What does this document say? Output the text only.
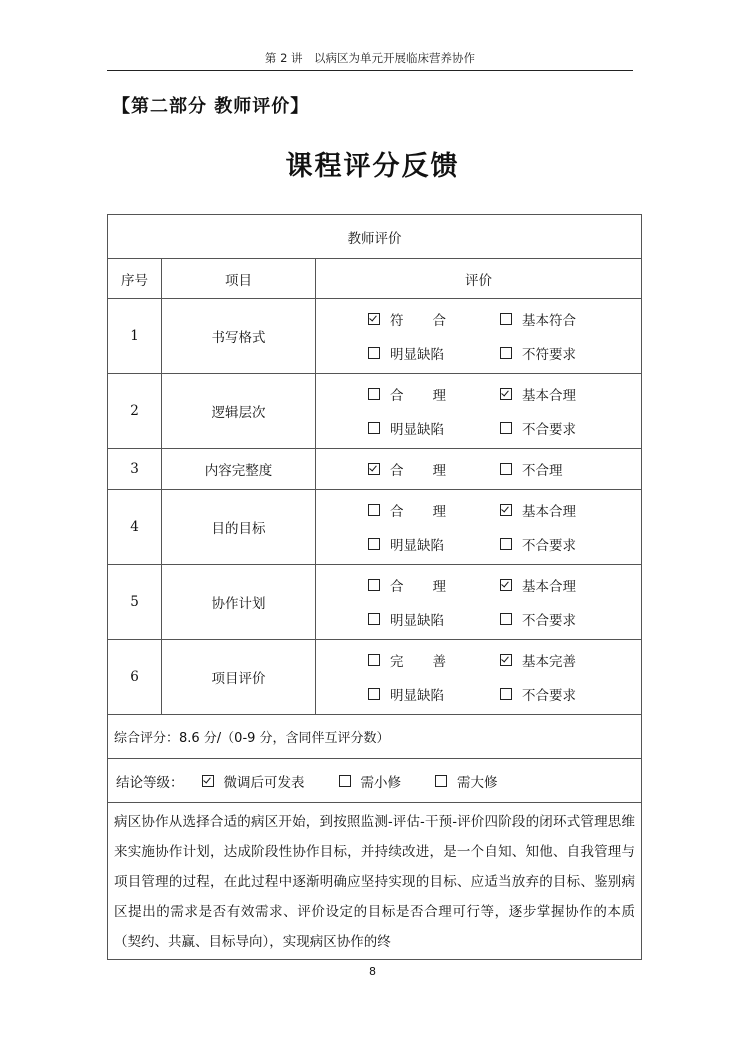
第 2 讲　以病区为单元开展临床营养协作
【第二部分 教师评价】
课程评分反馈
教师评价		
序号	项目	评价
1	书写格式	符 合 基本符合
明显缺陷 不符要求

2	逻辑层次	合 理 基本合理
明显缺陷 不合要求

3	内容完整度	合 理 不合理

4	目的目标	合 理 基本合理
明显缺陷 不合要求

5	协作计划	合 理 基本合理
明显缺陷 不合要求

6	项目评价	完 善 基本完善
明显缺陷 不合要求

综合评分：8.6 分/（0-9 分，含同伴互评分数）		

结论等级： 微调后可发表 需小修 需大修		

病区协作从选择合适的病区开始，到按照监测-评估-干预-评价四阶段的闭环式管理思维来实施协作计划，达成阶段性协作目标，并持续改进，是一个自知、知他、自我管理与项目管理的过程，在此过程中逐渐明确应坚持实现的目标、应适当放弃的目标、鉴别病区提出的需求是否有效需求、评价设定的目标是否合理可行等，逐步掌握协作的本质（契约、共赢、目标导向），实现病区协作的终		
8
